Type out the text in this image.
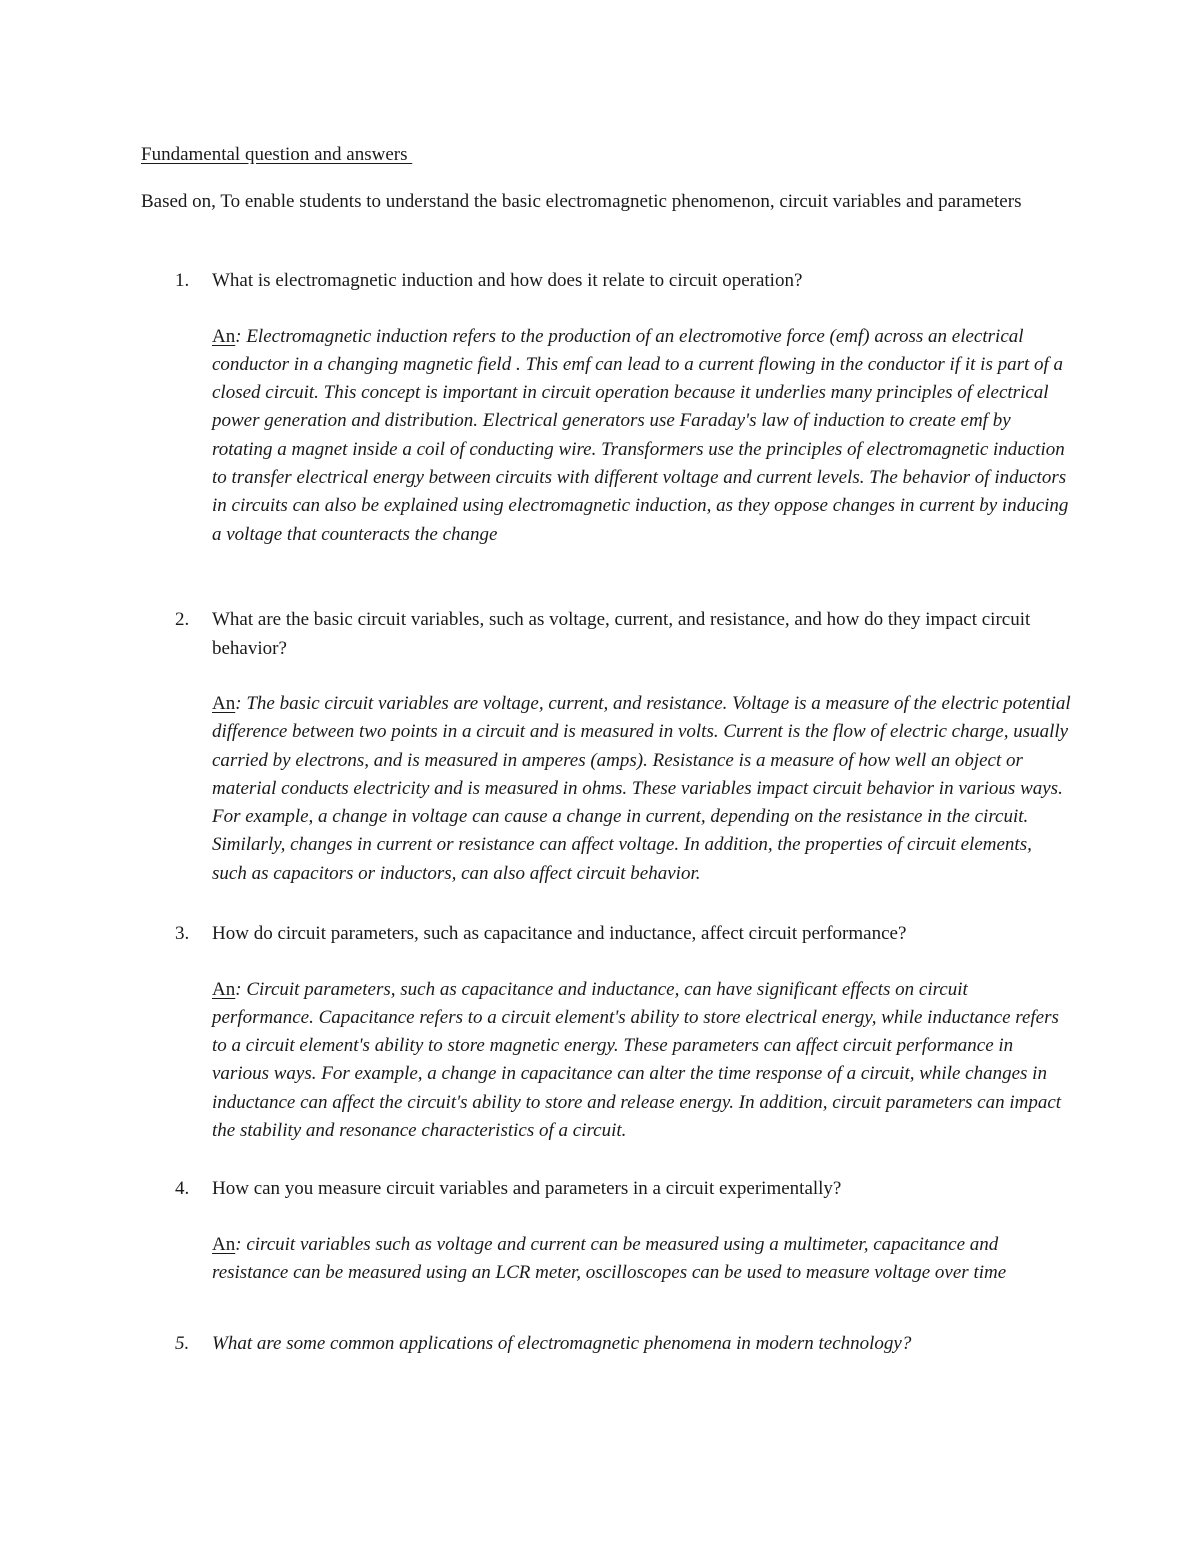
Fundamental question and answers
Based on, To enable students to understand the basic electromagnetic phenomenon, circuit variables and parameters
1. What is electromagnetic induction and how does it relate to circuit operation?
An: Electromagnetic induction refers to the production of an electromotive force (emf) across an electrical conductor in a changing magnetic field . This emf can lead to a current flowing in the conductor if it is part of a closed circuit. This concept is important in circuit operation because it underlies many principles of electrical power generation and distribution. Electrical generators use Faraday's law of induction to create emf by rotating a magnet inside a coil of conducting wire. Transformers use the principles of electromagnetic induction to transfer electrical energy between circuits with different voltage and current levels. The behavior of inductors in circuits can also be explained using electromagnetic induction, as they oppose changes in current by inducing a voltage that counteracts the change
2. What are the basic circuit variables, such as voltage, current, and resistance, and how do they impact circuit behavior?
An: The basic circuit variables are voltage, current, and resistance. Voltage is a measure of the electric potential difference between two points in a circuit and is measured in volts. Current is the flow of electric charge, usually carried by electrons, and is measured in amperes (amps). Resistance is a measure of how well an object or material conducts electricity and is measured in ohms. These variables impact circuit behavior in various ways. For example, a change in voltage can cause a change in current, depending on the resistance in the circuit. Similarly, changes in current or resistance can affect voltage. In addition, the properties of circuit elements, such as capacitors or inductors, can also affect circuit behavior.
3. How do circuit parameters, such as capacitance and inductance, affect circuit performance?
An: Circuit parameters, such as capacitance and inductance, can have significant effects on circuit performance. Capacitance refers to a circuit element's ability to store electrical energy, while inductance refers to a circuit element's ability to store magnetic energy. These parameters can affect circuit performance in various ways. For example, a change in capacitance can alter the time response of a circuit, while changes in inductance can affect the circuit's ability to store and release energy. In addition, circuit parameters can impact the stability and resonance characteristics of a circuit.
4. How can you measure circuit variables and parameters in a circuit experimentally?
An: circuit variables such as voltage and current can be measured using a multimeter, capacitance and resistance can be measured using an LCR meter, oscilloscopes can be used to measure voltage over time
5. What are some common applications of electromagnetic phenomena in modern technology?
